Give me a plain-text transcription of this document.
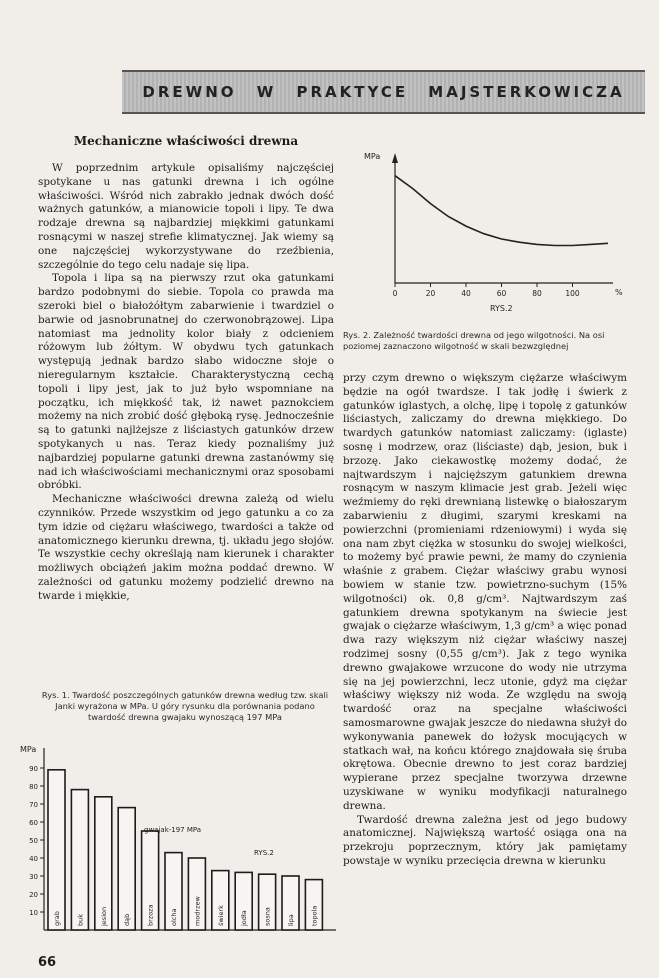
DREWNO W PRAKTYCE MAJSTERKOWICZA
Mechaniczne właściwości drewna

W poprzednim artykule opisaliśmy najczęściej spotykane u nas gatunki drewna i ich ogólne właściwości. Wśród nich zabrakło jednak dwóch dość ważnych gatunków, a mianowicie topoli i lipy. Te dwa rodzaje drewna są najbardziej miękkimi gatunkami rosnącymi w naszej strefie klimatycznej. Jak wiemy są one najczęściej wykorzystywane do rzeźbienia, szczególnie do tego celu nadaje się lipa.

Topola i lipa są na pierwszy rzut oka gatunkami bardzo podobnymi do siebie. Topola co prawda ma szeroki biel o białożółtym zabarwienie i twardziel o barwie od jasnobrunatnej do czerwonobrązowej. Lipa natomiast ma jednolity kolor biały z odcieniem różowym lub żółtym. W obydwu tych gatunkach występują jednak bardzo słabo widoczne słoje o nieregularnym kształcie. Charakterystyczną cechą topoli i lipy jest, jak to już było wspomniane na początku, ich miękkość tak, iż nawet paznokciem możemy na nich zrobić dość głęboką rysę. Jednocześnie są to gatunki najlżejsze z liściastych gatunków drzew spotykanych u nas. Teraz kiedy poznaliśmy już najbardziej popularne gatunki drewna zastanówmy się nad ich właściwościami mechanicznymi oraz sposobami obróbki.

Mechaniczne właściwości drewna zależą od wielu czynników. Przede wszystkim od jego gatunku a co za tym idzie od ciężaru właściwego, twardości a także od anatomicznego kierunku drewna, tj. układu jego słojów. Te wszystkie cechy określają nam kierunek i charakter możliwych obciążeń jakim można poddać drewno. W zależności od gatunku możemy podzielić drewno na twarde i miękkie,

Rys. 1. Twardość poszczególnych gatunków drewna według tzw. skali Janki wyrażona w MPa. U góry rysunku dla porównania podano twardość drewna gwajaku wynoszącą 197 MPa
MPa
90
80
70
60
50
40
30
20
10 grab buk jesion dąb brzoza olcha modrzew świerk jodła sosna lipa topola
gwajak-197 MPa
RYS.2
MPa
0	20	40	60	80	100	%
RYS.2
Rys. 2. Zależność twardości drewna od jego wilgotności. Na osi poziomej zaznaczono wilgotność w skali bezwzględnej

przy czym drewno o większym ciężarze właściwym będzie na ogół twardsze. I tak jodłę i świerk z gatunków iglastych, a olchę, lipę i topolę z gatunków liściastych, zaliczamy do drewna miękkiego. Do twardych gatunków natomiast zaliczamy: (iglaste) sosnę i modrzew, oraz (liściaste) dąb, jesion, buk i brzozę. Jako ciekawostkę możemy dodać, że najtwardszym i najcięższym gatunkiem drewna rosnącym w naszym klimacie jest grab. Jeżeli więc weźmiemy do ręki drewnianą listewkę o białoszarym zabarwieniu z długimi, szarymi kreskami na powierzchni (promieniami rdzeniowymi) i wyda się ona nam zbyt ciężka w stosunku do swojej wielkości, to możemy być prawie pewni, że mamy do czynienia właśnie z grabem. Ciężar właściwy grabu wynosi bowiem w stanie tzw. powietrzno-suchym (15% wilgotności) ok. 0,8 g/cm³. Najtwardszym zaś gatunkiem drewna spotykanym na świecie jest gwajak o ciężarze właściwym, 1,3 g/cm³ a więc ponad dwa razy większym niż ciężar właściwy naszej rodzimej sosny (0,55 g/cm³). Jak z tego wynika drewno gwajakowe wrzucone do wody nie utrzyma się na jej powierzchni, lecz utonie, gdyż ma ciężar właściwy większy niż woda. Ze względu na swoją twardość oraz na specjalne właściwości samosmarowne gwajak jeszcze do niedawna służył do wykonywania panewek do łożysk mocujących w statkach wał, na końcu którego znajdowała się śruba okrętowa. Obecnie drewno to jest coraz bardziej wypierane przez specjalne tworzywa drzewne uzyskiwane w wyniku modyfikacji naturalnego drewna.

Twardość drewna zależna jest od jego budowy anatomicznej. Największą wartość osiąga ona na przekroju poprzecznym, który jak pamiętamy powstaje w wyniku przecięcia drewna w kierunku

66
